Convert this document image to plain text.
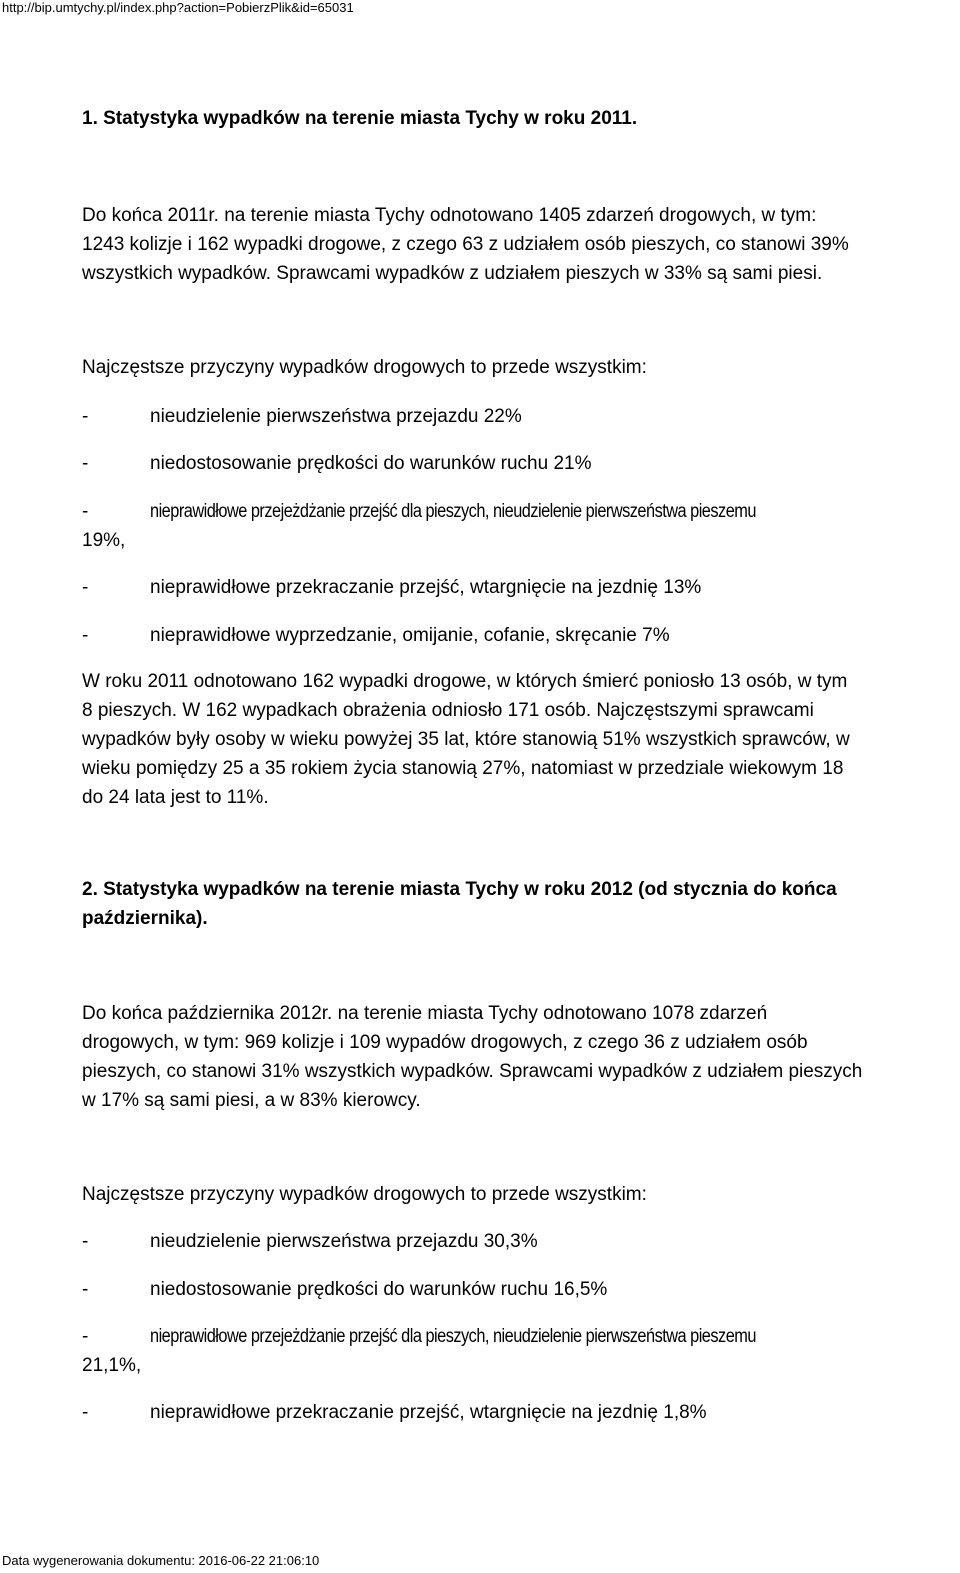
http://bip.umtychy.pl/index.php?action=PobierzPlik&id=65031
1. Statystyka wypadków na terenie miasta Tychy w roku 2011.
Do końca 2011r. na terenie miasta Tychy odnotowano 1405 zdarzeń drogowych, w tym:
1243 kolizje i 162 wypadki drogowe, z czego 63 z udziałem osób pieszych, co stanowi 39%
wszystkich wypadków. Sprawcami wypadków z udziałem pieszych w 33% są sami piesi.
Najczęstsze przyczyny wypadków drogowych to przede wszystkim:
-	nieudzielenie pierwszeństwa przejazdu 22%
-	niedostosowanie prędkości do warunków ruchu 21%
-	nieprawidłowe przejeżdżanie przejść dla pieszych, nieudzielenie pierwszeństwa pieszemu
19%,
-	nieprawidłowe przekraczanie przejść, wtargnięcie na jezdnię 13%
-	nieprawidłowe wyprzedzanie, omijanie, cofanie, skręcanie 7%
W roku 2011 odnotowano 162 wypadki drogowe, w których śmierć poniosło 13 osób, w tym
8 pieszych. W 162 wypadkach obrażenia odniosło 171 osób. Najczęstszymi sprawcami
wypadków były osoby w wieku powyżej 35 lat, które stanowią 51% wszystkich sprawców, w
wieku pomiędzy 25 a 35 rokiem życia stanowią 27%, natomiast w przedziale wiekowym 18
do 24 lata jest to 11%.
2. Statystyka wypadków na terenie miasta Tychy w roku 2012 (od stycznia do końca
października).
Do końca października 2012r. na terenie miasta Tychy odnotowano 1078 zdarzeń
drogowych, w tym: 969 kolizje i 109 wypadów drogowych, z czego 36 z udziałem osób
pieszych, co stanowi 31% wszystkich wypadków. Sprawcami wypadków z udziałem pieszych
w 17% są sami piesi, a w 83% kierowcy.
Najczęstsze przyczyny wypadków drogowych to przede wszystkim:
-	nieudzielenie pierwszeństwa przejazdu 30,3%
-	niedostosowanie prędkości do warunków ruchu 16,5%
-	nieprawidłowe przejeżdżanie przejść dla pieszych, nieudzielenie pierwszeństwa pieszemu
21,1%,
-	nieprawidłowe przekraczanie przejść, wtargnięcie na jezdnię 1,8%
Data wygenerowania dokumentu: 2016-06-22 21:06:10
